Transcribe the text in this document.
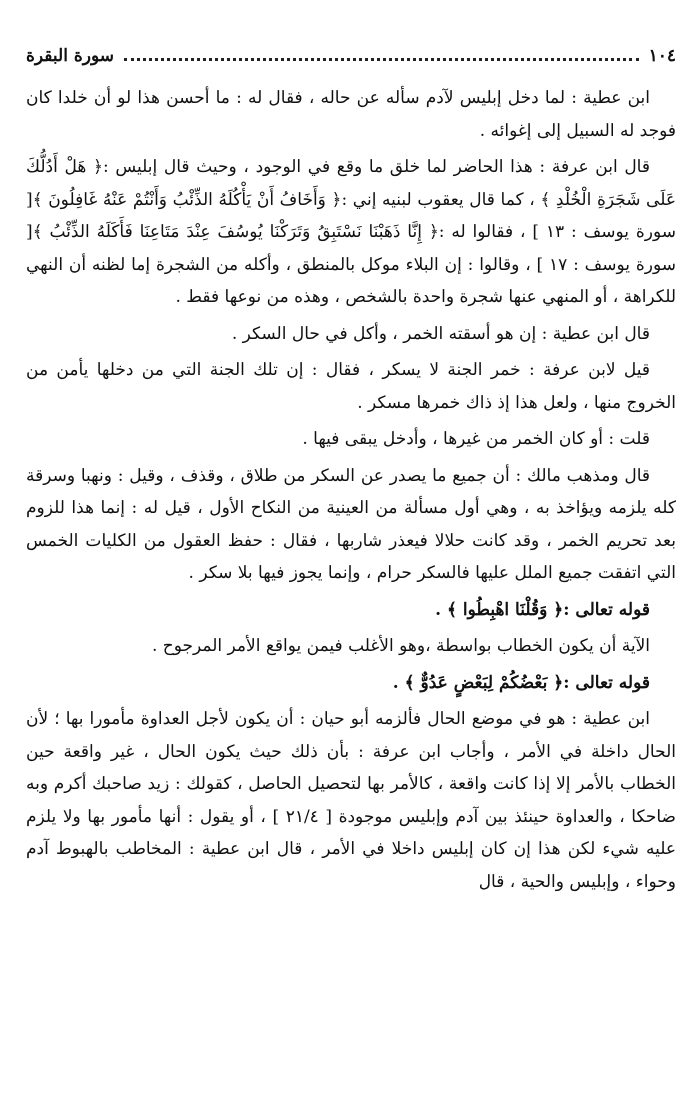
١٠٤
سورة البقرة

ابن عطية : لما دخل إبليس لآدم سأله عن حاله ، فقال له : ما أحسن هذا لو أن خلدا كان فوجد له السبيل إلى إغوائه .

قال ابن عرفة : هذا الحاضر لما خلق ما وقع في الوجود ، وحيث قال إبليس :﴿ هَلْ أَدُلُّكَ عَلَى شَجَرَةِ الْخُلْدِ ﴾ ، كما قال يعقوب لبنيه إني :﴿ وَأَخَافُ أَنْ يَأْكُلَهُ الذِّئْبُ وَأَنْتُمْ عَنْهُ غَافِلُونَ ﴾[ سورة يوسف : ١٣ ] ، فقالوا له :﴿ إِنَّا ذَهَبْنَا نَسْتَبِقُ وَتَرَكْنَا يُوسُفَ عِنْدَ مَتَاعِنَا فَأَكَلَهُ الذِّئْبُ ﴾[ سورة يوسف : ١٧ ] ، وقالوا : إن البلاء موكل بالمنطق ، وأكله من الشجرة إما لظنه أن النهي للكراهة ، أو المنهي عنها شجرة واحدة بالشخص ، وهذه من نوعها فقط .

قال ابن عطية : إن هو أسقته الخمر ، وأكل في حال السكر .

قيل لابن عرفة : خمر الجنة لا يسكر ، فقال : إن تلك الجنة التي من دخلها يأمن من الخروج منها ، ولعل هذا إذ ذاك خمرها مسكر .

قلت : أو كان الخمر من غيرها ، وأدخل يبقى فيها .

قال ومذهب مالك : أن جميع ما يصدر عن السكر من طلاق ، وقذف ، وقيل : ونهبا وسرقة كله يلزمه ويؤاخذ به ، وهي أول مسألة من العينية من النكاح الأول ، قيل له : إنما هذا للزوم بعد تحريم الخمر ، وقد كانت حلالا فيعذر شاربها ، فقال : حفظ العقول من الكليات الخمس التي اتفقت جميع الملل عليها فالسكر حرام ، وإنما يجوز فيها بلا سكر .

قوله تعالى :﴿ وَقُلْنَا اهْبِطُوا ﴾ .

الآية أن يكون الخطاب بواسطة ،وهو الأغلب فيمن يواقع الأمر المرجوح .

قوله تعالى :﴿ بَعْضُكُمْ لِبَعْضٍ عَدُوٌّ ﴾ .

ابن عطية : هو في موضع الحال فألزمه أبو حيان : أن يكون لأجل العداوة مأمورا بها ؛ لأن الحال داخلة في الأمر ، وأجاب ابن عرفة : بأن ذلك حيث يكون الحال ، غير واقعة حين الخطاب بالأمر إلا إذا كانت واقعة ، كالأمر بها لتحصيل الحاصل ، كقولك : زيد صاحبك أكرم وبه ضاحكا ، والعداوة حينئذ بين آدم وإبليس موجودة [ ٢١/٤ ] ، أو يقول : أنها مأمور بها ولا يلزم عليه شيء لكن هذا إن كان إبليس داخلا في الأمر ، قال ابن عطية : المخاطب بالهبوط آدم وحواء ، وإبليس والحية ، قال
